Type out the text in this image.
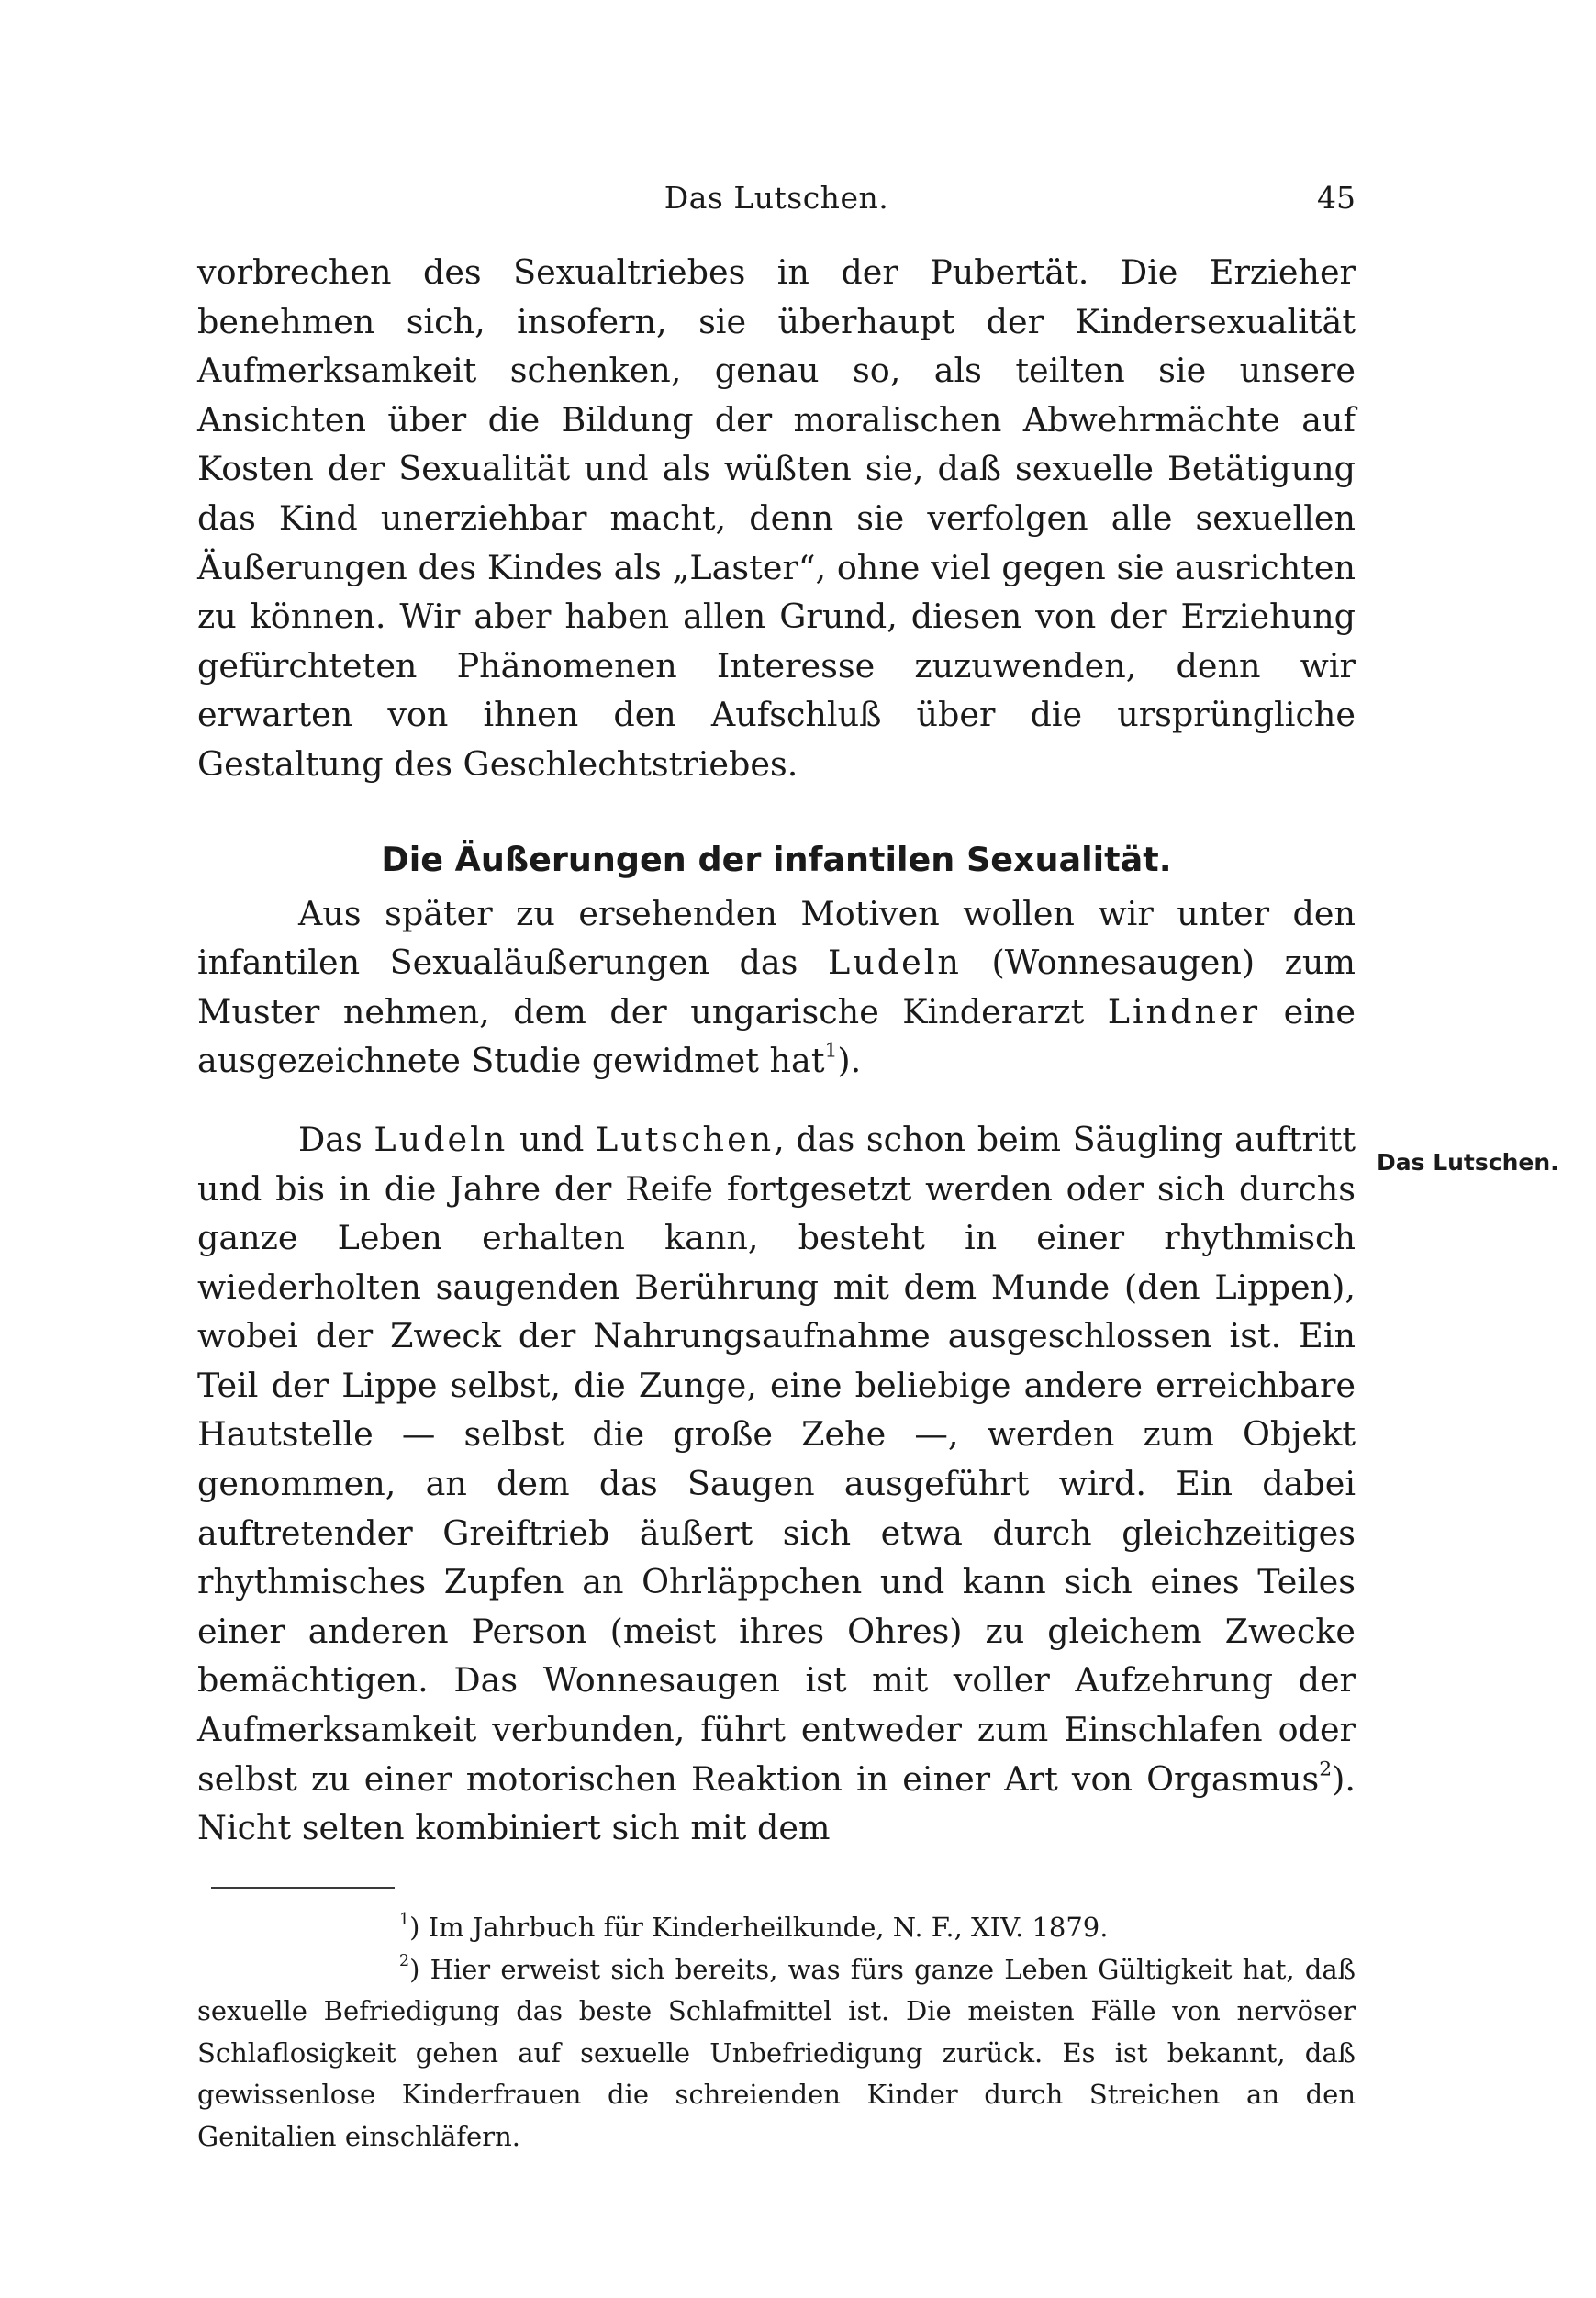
Das Lutschen.	45

vorbrechen des Sexualtriebes in der Pubertät. Die Erzieher benehmen sich, insofern, sie überhaupt der Kindersexualität Aufmerksamkeit schenken, genau so, als teilten sie unsere Ansichten über die Bildung der moralischen Abwehrmächte auf Kosten der Sexualität und als wüßten sie, daß sexuelle Betätigung das Kind unerziehbar macht, denn sie verfolgen alle sexuellen Äußerungen des Kindes als „Laster“, ohne viel gegen sie ausrichten zu können. Wir aber haben allen Grund, diesen von der Erziehung gefürchteten Phänomenen Interesse zuzuwenden, denn wir erwarten von ihnen den Aufschluß über die ursprüngliche Gestaltung des Geschlechtstriebes.

Die Äußerungen der infantilen Sexualität.

Aus später zu ersehenden Motiven wollen wir unter den infantilen Sexualäußerungen das Ludeln (Wonnesaugen) zum Muster nehmen, dem der ungarische Kinderarzt Lindner eine ausgezeichnete Studie gewidmet hat$^1$).

Das Ludeln und Lutschen, das schon beim Säugling auftritt und bis in die Jahre der Reife fortgesetzt werden oder sich durchs ganze Leben erhalten kann, besteht in einer rhythmisch wiederholten saugenden Berührung mit dem Munde (den Lippen), wobei der Zweck der Nahrungsaufnahme ausgeschlossen ist. Ein Teil der Lippe selbst, die Zunge, eine beliebige andere erreichbare Hautstelle — selbst die große Zehe —, werden zum Objekt genommen, an dem das Saugen ausgeführt wird. Ein dabei auftretender Greiftrieb äußert sich etwa durch gleichzeitiges rhythmisches Zupfen an Ohrläppchen und kann sich eines Teiles einer anderen Person (meist ihres Ohres) zu gleichem Zwecke bemächtigen. Das Wonnesaugen ist mit voller Aufzehrung der Aufmerksamkeit verbunden, führt entweder zum Einschlafen oder selbst zu einer motorischen Reaktion in einer Art von Orgasmus$^2$). Nicht selten kombiniert sich mit dem

Das Lutschen.

$^1$) Im Jahrbuch für Kinderheilkunde, N. F., XIV. 1879.

$^2$) Hier erweist sich bereits, was fürs ganze Leben Gültigkeit hat, daß sexuelle Befriedigung das beste Schlafmittel ist. Die meisten Fälle von nervöser Schlaflosigkeit gehen auf sexuelle Unbefriedigung zurück. Es ist bekannt, daß gewissenlose Kinderfrauen die schreienden Kinder durch Streichen an den Genitalien einschläfern.
